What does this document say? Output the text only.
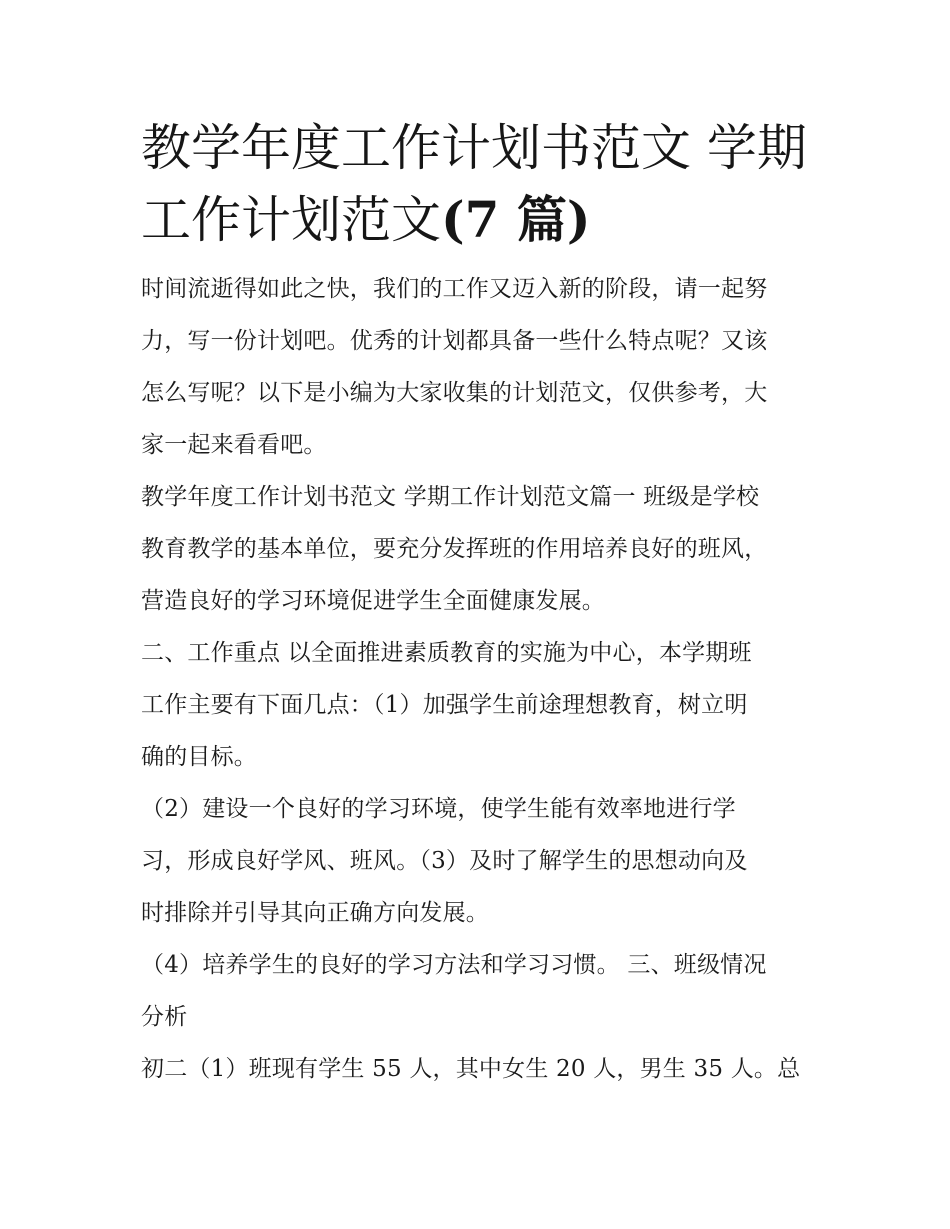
教学年度工作计划书范文 学期
工作计划范文(7 篇)
时间流逝得如此之快，我们的工作又迈入新的阶段，请一起努
力，写一份计划吧。优秀的计划都具备一些什么特点呢？又该
怎么写呢？以下是小编为大家收集的计划范文，仅供参考，大
家一起来看看吧。
教学年度工作计划书范文 学期工作计划范文篇一 班级是学校
教育教学的基本单位，要充分发挥班的作用培养良好的班风，
营造良好的学习环境促进学生全面健康发展。
二、工作重点 以全面推进素质教育的实施为中心，本学期班
工作主要有下面几点：（1）加强学生前途理想教育，树立明
确的目标。
（2）建设一个良好的学习环境，使学生能有效率地进行学
习，形成良好学风、班风。（3）及时了解学生的思想动向及
时排除并引导其向正确方向发展。
（4）培养学生的良好的学习方法和学习习惯。 三、班级情况
分析
初二（1）班现有学生 55 人，其中女生 20 人，男生 35 人。总
